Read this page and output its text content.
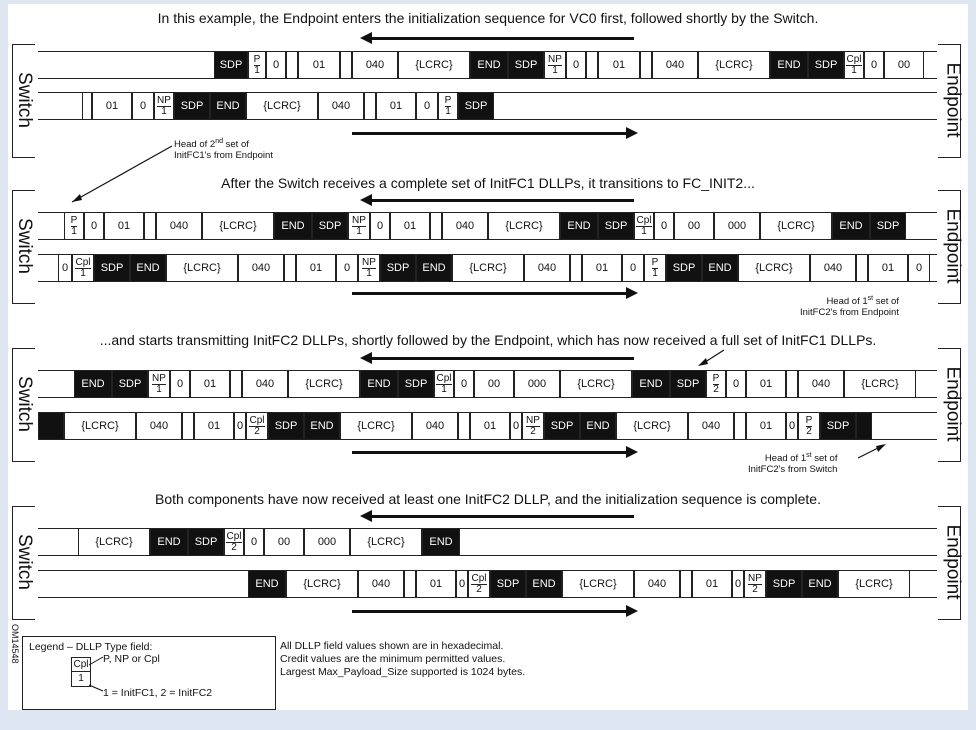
In this example, the Endpoint enters the initialization sequence for VC0 first, followed shortly by the Switch.
After the Switch receives a complete set of InitFC1 DLLPs, it transitions to FC_INIT2...
...and starts transmitting InitFC2 DLLPs, shortly followed by the Endpoint, which has now received a full set of InitFC1 DLLPs.
Both components have now received at least one InitFC2 DLLP, and the initialization sequence is complete.
Switch	Endpoint
SDP	P
1	0	01	040	{LCRC}	END	SDP	NP
1	0	01	040	{LCRC}	END	SDP Cpl
1	0	00
01	0	NP
1	SDP	END	{LCRC}	040	01	0	P
1	SDP
Head of 2nd set of
InitFC1's from Endpoint
Switch	Endpoint
P
1	0	01	040	{LCRC}	END	SDP	NP
1	0	01	040	{LCRC}	END	SDP Cpl
1	0	00	000	{LCRC}	END	SDP
0 Cpl
1	SDP	END	{LCRC}	040	01	0	NP
1	SDP	END	{LCRC}	040	01	0	P
1	SDP	END	{LCRC}	040	01	0
Head of 1st set of
InitFC2's from Endpoint
Switch	Endpoint
END	SDP	NP
1	0	01	040	{LCRC}	END	SDP Cpl
1	0	00	000	{LCRC}	END	SDP	P
2	0	01	040	{LCRC}
{LCRC}	040	01	0 Cpl
2	SDP	END	{LCRC}	040	01	0 NP
2	SDP	END	{LCRC}	040	01	0 P
2	SDP
Head of 1st set of
InitFC2's from Switch
Switch	Endpoint
{LCRC}	END	SDP Cpl
2	0	00	000	{LCRC}	END
END	{LCRC}	040	01	0 Cpl
2	SDP	END	{LCRC}	040	01	0 NP
2	SDP	END	{LCRC}
Legend – DLLP Type field:
Cpl
1
P, NP or Cpl
1 = InitFC1, 2 = InitFC2
All DLLP field values shown are in hexadecimal.
Credit values are the minimum permitted values.
Largest Max_Payload_Size supported is 1024 bytes.
OM14548
